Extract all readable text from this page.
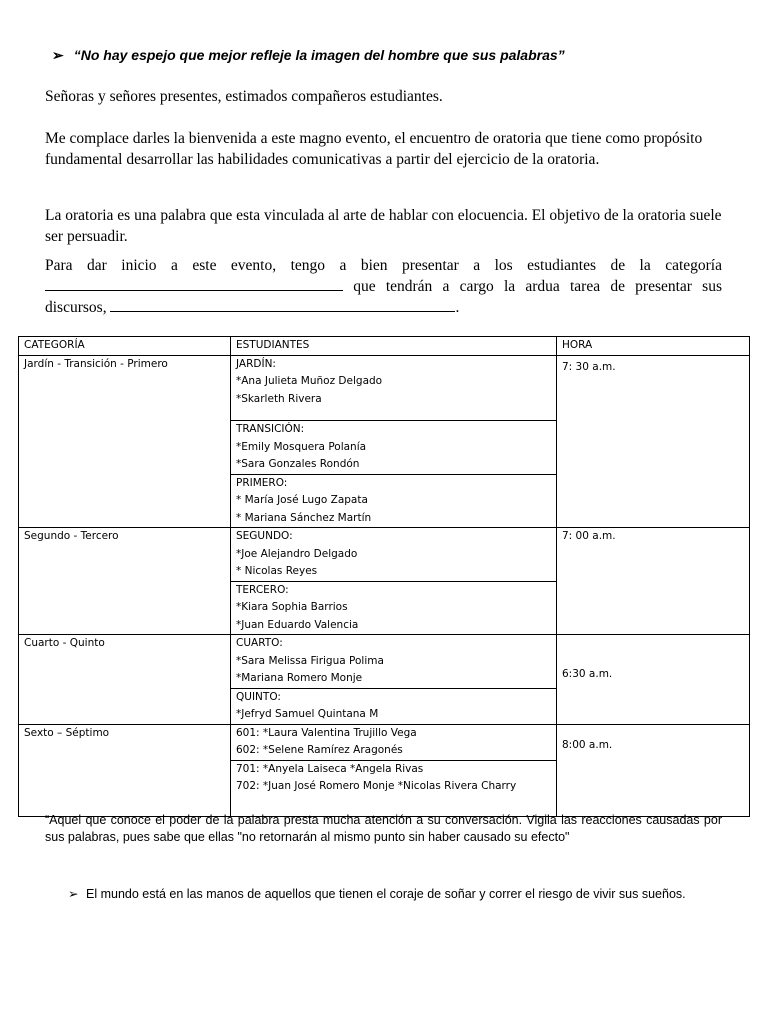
➢ “No hay espejo que mejor refleje la imagen del hombre que sus palabras”
Señoras y señores presentes, estimados compañeros estudiantes.
Me complace darles la bienvenida a este magno evento, el encuentro de oratoria que tiene como propósito fundamental desarrollar las habilidades comunicativas a partir del ejercicio de la oratoria.
La oratoria es una palabra que esta vinculada al arte de hablar con elocuencia. El objetivo de la oratoria suele ser persuadir.
Para dar inicio a este evento, tengo a bien presentar a los estudiantes de la categoría  que tendrán a cargo la ardua tarea de presentar sus discursos,	.
CATEGORÍA	ESTUDIANTES	HORA
Jardín - Transición - Primero	JARDÍN:
*Ana Julieta Muñoz Delgado
*Skarleth Rivera	7: 30 a.m.

	TRANSICIÓN:
*Emily Mosquera Polanía
*Sara Gonzales Rondón	

	PRIMERO:
* María José Lugo Zapata
* Mariana Sánchez Martín	

Segundo - Tercero	SEGUNDO:
*Joe Alejandro Delgado
* Nicolas Reyes	7: 00 a.m.

	TERCERO:
*Kiara Sophia Barrios
*Juan Eduardo Valencia	

Cuarto - Quinto	CUARTO:
*Sara Melissa Firigua Polima
*Mariana Romero Monje	6:30 a.m.

	QUINTO:
*Jefryd Samuel Quintana M	

Sexto – Séptimo	601: *Laura Valentina Trujillo Vega
602: *Selene Ramírez Aragonés	8:00 a.m.

	701: *Anyela Laiseca *Angela Rivas
702: *Juan José Romero Monje *Nicolas Rivera Charry	
“Aquel que conoce el poder de la palabra presta mucha atención a su conversación. Vigila las reacciones causadas por sus palabras, pues sabe que ellas "no retornarán al mismo punto sin haber causado su efecto"
➢ El mundo está en las manos de aquellos que tienen el coraje de soñar y correr el riesgo de vivir sus sueños.
